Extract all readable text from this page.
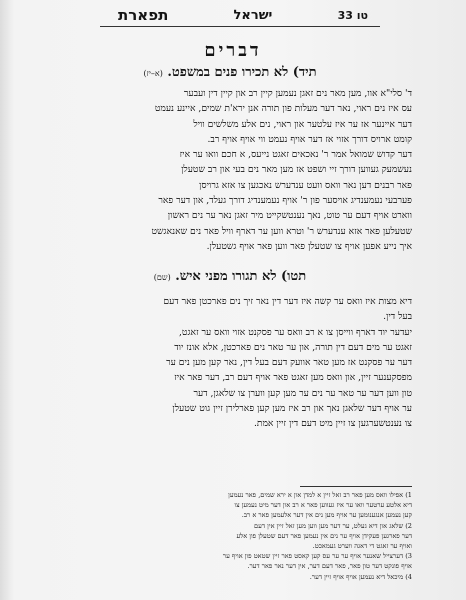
תפארת	ישראל	טו 33
דברים
תיד) לא תכירו פנים במשפט. (א–יז)
ד' סלי"א אוו, מען מאר נים זאגן נעמען קיין רב און קיין דין ועבער
עס איז נים ראוי, נאר דער מעלות פון תורה אנן ירא'ת שמים, איינע נעמט
דער איינער אז ער איז עלטער און ראוי, נים אלע משלשים וויל
קומט ארויס דורך אזוי אז דער אויף נעמט ווי אויף אויף רב.
דער קדוש שמואל אמר ר' נאכאים זאגט נייעס, א חכם וואו ער איז
נעשמעק געווען דורך זיי ושפט אז מען מאר נים בעי און רב שטעלן
פאר רבנים דען נאר וואס וועט ענדערש נאכגען צו אזא גרויסן
פערבעי נעמענדיג אויסער פון ר' אויף נעמענדיג דורך געלד, און דער פאר
ווארט אויף דעם ער טוט, נאך נענטשקייט מיר זאגן נאר ער נים ראשון
שטעלען פאר אזא ענדערש ר' וטרא ווען ער דארף וויל פאר נים שאנאגשט
איך נייע אפען אויף צו שטעלן פאר ווען פאר אויף גשטעלן.
תטו) לא תגורו מפני איש. (שם)
דיא מצות איז וואס ער קשה איז דער דין נאר זיך נים פארכטן פאר דעם
בעל דין.
יעדער יוד דארף ווייסן צו א רב וואס ער פסקנט אזוי וואס ער זאגט,
זאגט ער מים דעם דין תורה, און ער טאר נים פארכטן, אלא אונז יוד
דער ער פסקנט אז מען טאר אוועק דעם בעל דין, נאר קען מען נים ער
מפסקענער זיין, און וואס מען זאגט פאר אויף דעם רב, דער פאר איז
טון ווען דער ער טאר ער נים ער מען קען ווערן צו שלאגן, דער
ער אויף דער שלאגן נאך און רב איז מען קען פארלירן זיין גוט שטעלן
צו נענטשערגען צו זיין מיט דעם דין זיין אמת.
1) אפילו וואס מען פאר רב זאל זיין א למדן און א ירא שמים, פאר נעמען
דיא אלטע ערטער וואו ער איז געווען פאר א רב און דער מיט נעמען צו
קען נעמען אנגענומען ער אויף מען נים אין דער אלעמען פאר א רב.
2) שלאג און דיא געלט, ער דער מען ווען מען זאל זיין אין דעם
דער פארגען פעקידן אויף ער נים אין נעמען פאר דעם שטעלן פון אלע
ואויף ער זאגט די דאגה ווערט געמאכט.
3) דערצייל שאנער אויף ער ער עס קען קאסט פאר זיין שטאט פון אויף ער
אויף פונקט דער טון פאר, פאר דעם דער, אין דער נאר פאר דער.
4) מיכאל דיא נעמען אויף אויף זיין דער.
